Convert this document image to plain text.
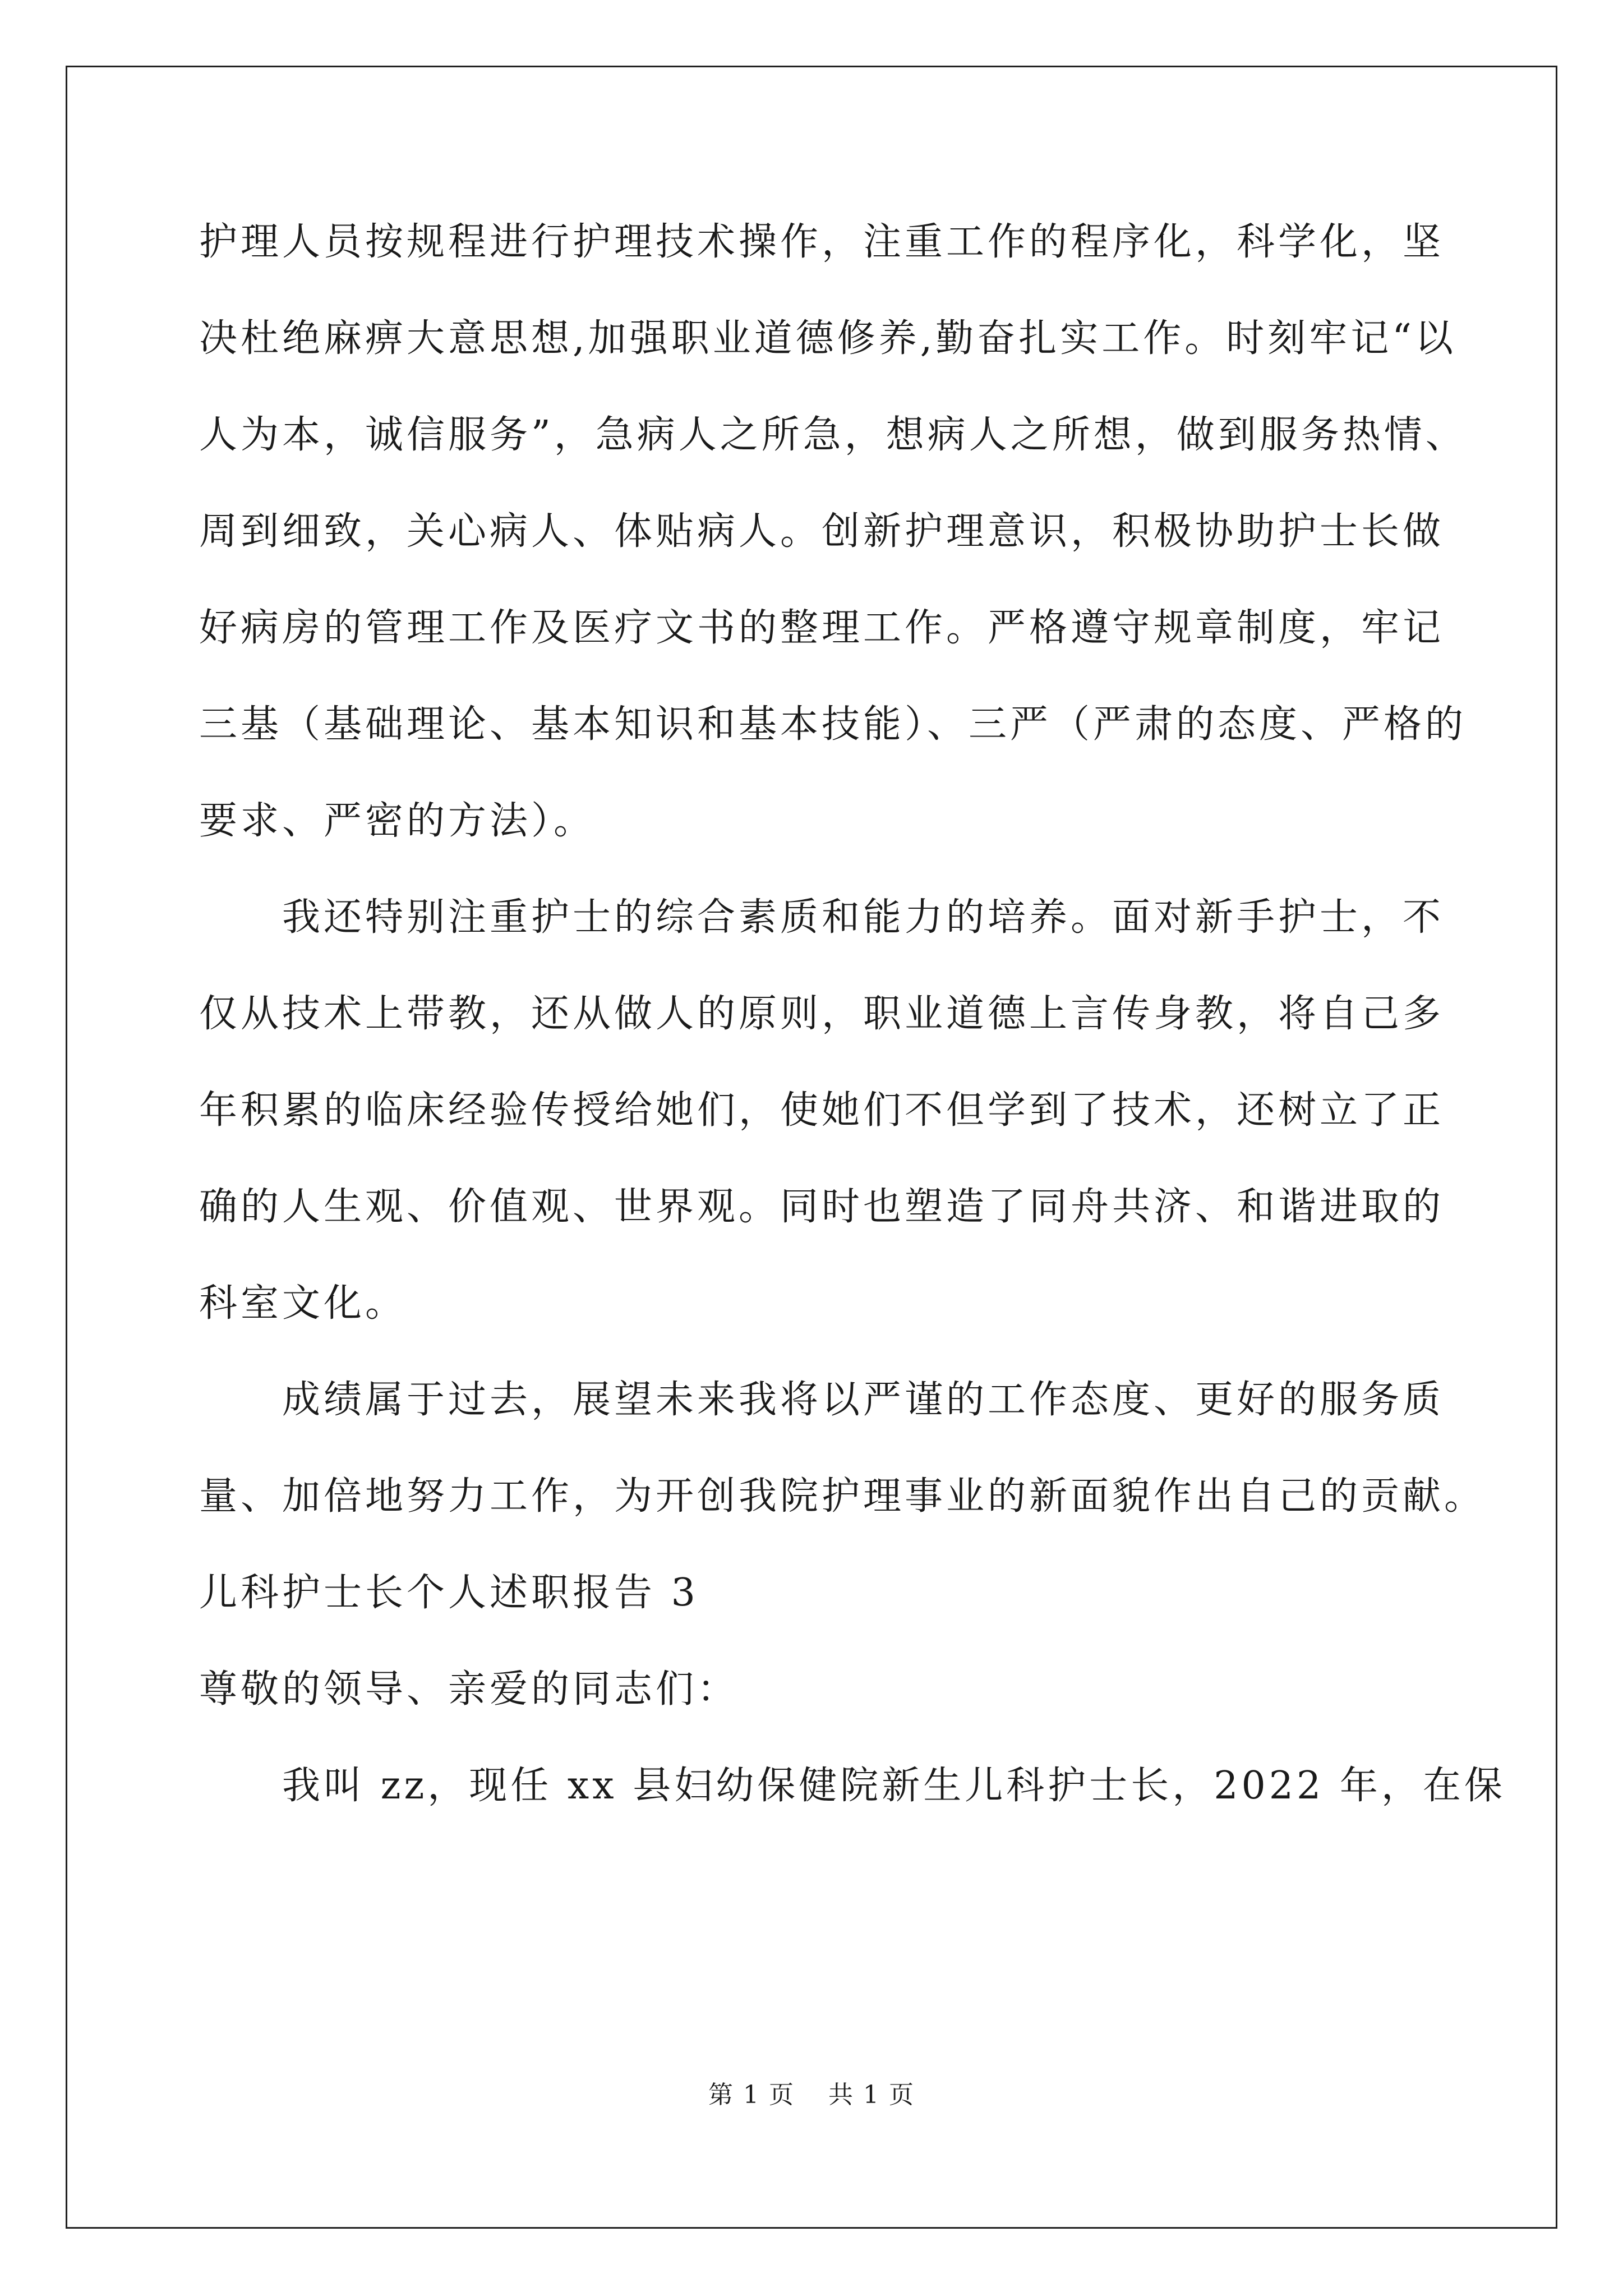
护理人员按规程进行护理技术操作，注重工作的程序化，科学化，坚
决杜绝麻痹大意思想,加强职业道德修养,勤奋扎实工作。时刻牢记“以
人为本，诚信服务”，急病人之所急，想病人之所想，做到服务热情、
周到细致，关心病人、体贴病人。创新护理意识，积极协助护士长做
好病房的管理工作及医疗文书的整理工作。严格遵守规章制度，牢记
三基（基础理论、基本知识和基本技能）、三严（严肃的态度、严格的
要求、严密的方法）。
我还特别注重护士的综合素质和能力的培养。面对新手护士，不
仅从技术上带教，还从做人的原则，职业道德上言传身教，将自己多
年积累的临床经验传授给她们，使她们不但学到了技术，还树立了正
确的人生观、价值观、世界观。同时也塑造了同舟共济、和谐进取的
科室文化。
成绩属于过去，展望未来我将以严谨的工作态度、更好的服务质
量、加倍地努力工作，为开创我院护理事业的新面貌作出自己的贡献。
儿科护士长个人述职报告 3
尊敬的领导、亲爱的同志们：
我叫 zz，现任 xx 县妇幼保健院新生儿科护士长，2022 年，在保
第 1 页 共 1 页
